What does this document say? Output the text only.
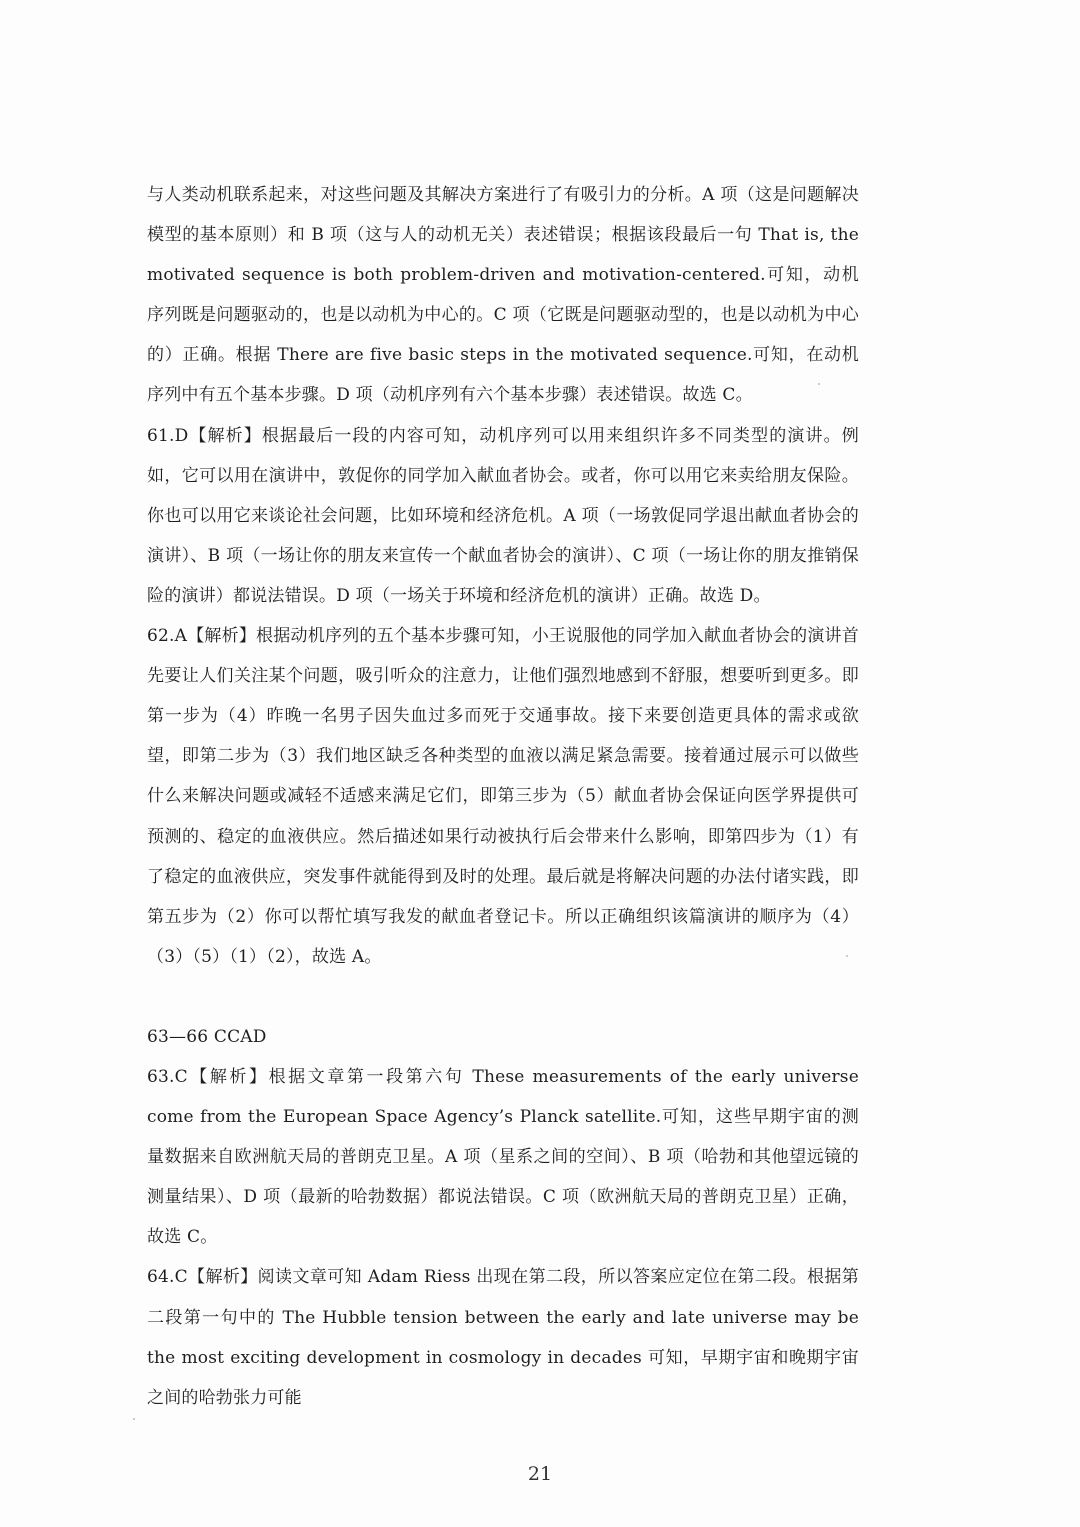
与人类动机联系起来，对这些问题及其解决方案进行了有吸引力的分析。A 项（这是问题解决模型的基本原则）和 B 项（这与人的动机无关）表述错误；根据该段最后一句 That is, the motivated sequence is both problem-driven and motivation-centered.可知，动机序列既是问题驱动的，也是以动机为中心的。C 项（它既是问题驱动型的，也是以动机为中心的）正确。根据 There are five basic steps in the motivated sequence.可知，在动机序列中有五个基本步骤。D 项（动机序列有六个基本步骤）表述错误。故选 C。

61.D【解析】根据最后一段的内容可知，动机序列可以用来组织许多不同类型的演讲。例如，它可以用在演讲中，敦促你的同学加入献血者协会。或者，你可以用它来卖给朋友保险。你也可以用它来谈论社会问题，比如环境和经济危机。A 项（一场敦促同学退出献血者协会的演讲）、B 项（一场让你的朋友来宣传一个献血者协会的演讲）、C 项（一场让你的朋友推销保险的演讲）都说法错误。D 项（一场关于环境和经济危机的演讲）正确。故选 D。

62.A【解析】根据动机序列的五个基本步骤可知，小王说服他的同学加入献血者协会的演讲首先要让人们关注某个问题，吸引听众的注意力，让他们强烈地感到不舒服，想要听到更多。即第一步为（4）昨晚一名男子因失血过多而死于交通事故。接下来要创造更具体的需求或欲望，即第二步为（3）我们地区缺乏各种类型的血液以满足紧急需要。接着通过展示可以做些什么来解决问题或减轻不适感来满足它们，即第三步为（5）献血者协会保证向医学界提供可预测的、稳定的血液供应。然后描述如果行动被执行后会带来什么影响，即第四步为（1）有了稳定的血液供应，突发事件就能得到及时的处理。最后就是将解决问题的办法付诸实践，即第五步为（2）你可以帮忙填写我发的献血者登记卡。所以正确组织该篇演讲的顺序为（4）（3）（5）（1）（2），故选 A。

63—66 CCAD

63.C【解析】根据文章第一段第六句 These measurements of the early universe come from the European Space Agency’s Planck satellite.可知，这些早期宇宙的测量数据来自欧洲航天局的普朗克卫星。A 项（星系之间的空间）、B 项（哈勃和其他望远镜的测量结果）、D 项（最新的哈勃数据）都说法错误。C 项（欧洲航天局的普朗克卫星）正确，故选 C。

64.C【解析】阅读文章可知 Adam Riess 出现在第二段，所以答案应定位在第二段。根据第二段第一句中的 The Hubble tension between the early and late universe may be the most exciting development in cosmology in decades 可知，早期宇宙和晚期宇宙之间的哈勃张力可能

21
